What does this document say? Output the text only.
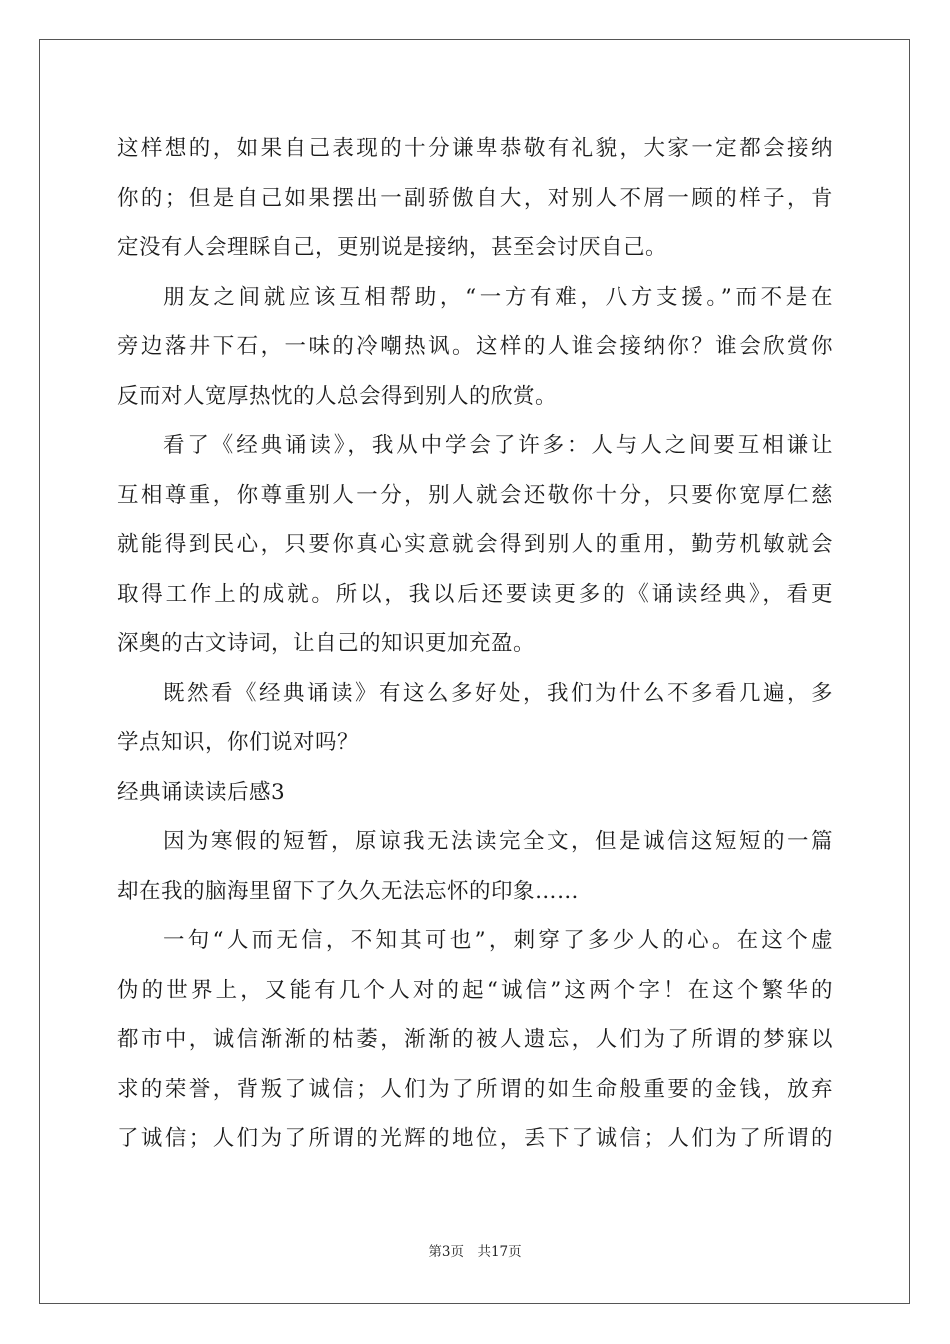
这样想的，如果自己表现的十分谦卑恭敬有礼貌，大家一定都会接纳
你的；但是自己如果摆出一副骄傲自大，对别人不屑一顾的样子，肯
定没有人会理睬自己，更别说是接纳，甚至会讨厌自己。
朋友之间就应该互相帮助，“一方有难，八方支援。”而不是在
旁边落井下石，一味的冷嘲热讽。这样的人谁会接纳你？谁会欣赏你
反而对人宽厚热忱的人总会得到别人的欣赏。
看了《经典诵读》，我从中学会了许多：人与人之间要互相谦让
互相尊重，你尊重别人一分，别人就会还敬你十分，只要你宽厚仁慈
就能得到民心，只要你真心实意就会得到别人的重用，勤劳机敏就会
取得工作上的成就。所以，我以后还要读更多的《诵读经典》，看更
深奥的古文诗词，让自己的知识更加充盈。
既然看《经典诵读》有这么多好处，我们为什么不多看几遍，多
学点知识，你们说对吗？
经典诵读读后感3
因为寒假的短暂，原谅我无法读完全文，但是诚信这短短的一篇
却在我的脑海里留下了久久无法忘怀的印象……
一句“人而无信，不知其可也”，刺穿了多少人的心。在这个虚
伪的世界上，又能有几个人对的起“诚信”这两个字！在这个繁华的
都市中，诚信渐渐的枯萎，渐渐的被人遗忘，人们为了所谓的梦寐以
求的荣誉，背叛了诚信；人们为了所谓的如生命般重要的金钱，放弃
了诚信；人们为了所谓的光辉的地位，丢下了诚信；人们为了所谓的
第3页　共17页
